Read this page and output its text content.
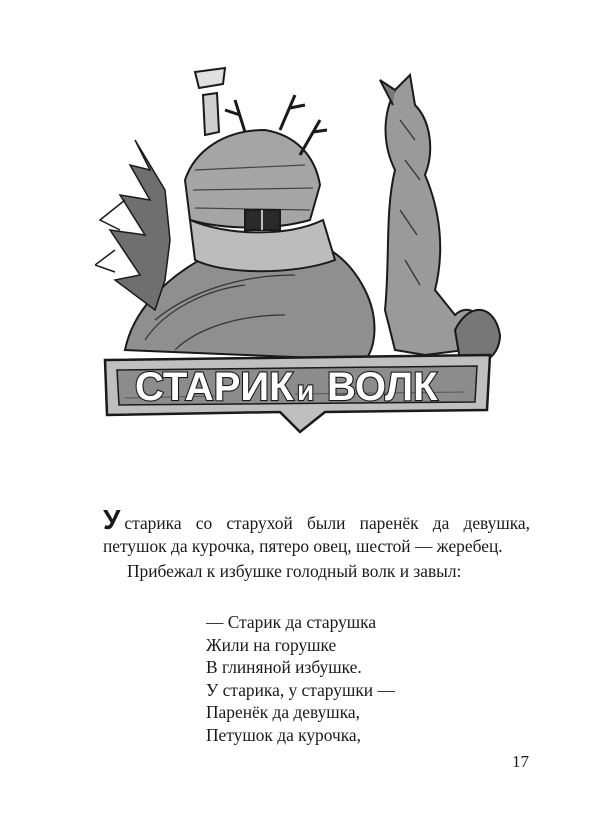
СТАРИК и ВОЛК

Устарика со старухой были паренёк да девушка, петушок да курочка, пятеро овец, шестой — жеребец.

Прибежал к избушке голодный волк и завыл:

— Старик да старушка
Жили на горушке
В глиняной избушке.
У старика, у старушки —
Паренёк да девушка,
Петушок да курочка,
17
